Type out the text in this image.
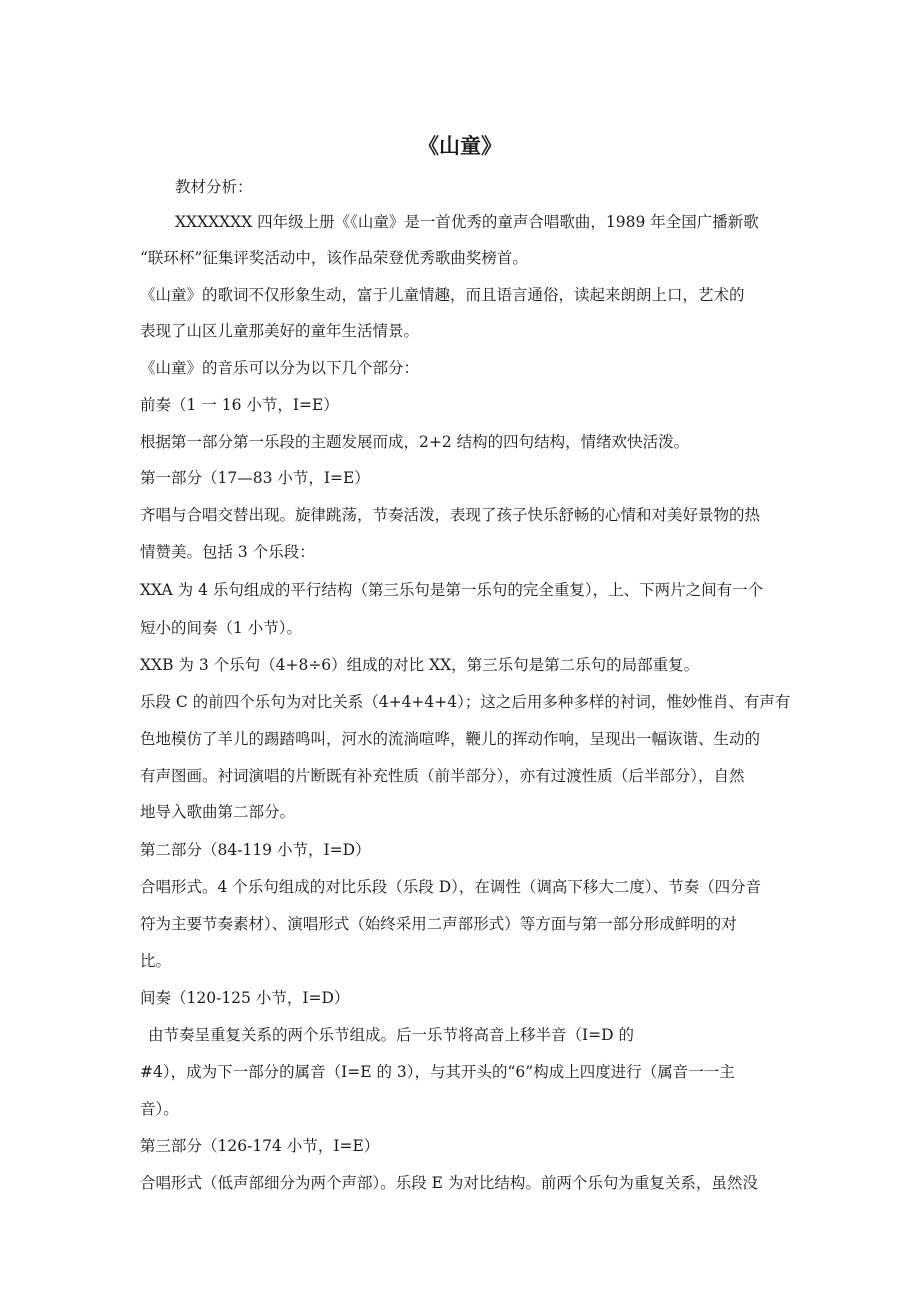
《山童》
教材分析：
XXXXXXX 四年级上册《《山童》是一首优秀的童声合唱歌曲，1989 年全国广播新歌
“联环杯”征集评奖活动中，该作品荣登优秀歌曲奖榜首。
《山童》的歌词不仅形象生动，富于儿童情趣，而且语言通俗，读起来朗朗上口，艺术的
表现了山区儿童那美好的童年生活情景。
《山童》的音乐可以分为以下几个部分：
前奏（1 一 16 小节，I=E）
根据第一部分第一乐段的主题发展而成，2+2 结构的四句结构，情绪欢快活泼。
第一部分（17—83 小节，I=E）
齐唱与合唱交替出现。旋律跳荡，节奏活泼，表现了孩子快乐舒畅的心情和对美好景物的热
情赞美。包括 3 个乐段：
XXA 为 4 乐句组成的平行结构（第三乐句是第一乐句的完全重复），上、下两片之间有一个
短小的间奏（1 小节）。
XXB 为 3 个乐句（4+8÷6）组成的对比 XX，第三乐句是第二乐句的局部重复。
乐段 C 的前四个乐句为对比关系（4+4+4+4）；这之后用多种多样的衬词，惟妙惟肖、有声有
色地模仿了羊儿的踢踏鸣叫，河水的流淌喧哗，鞭儿的挥动作响，呈现出一幅诙谐、生动的
有声图画。衬词演唱的片断既有补充性质（前半部分），亦有过渡性质（后半部分），自然
地导入歌曲第二部分。
第二部分（84-119 小节，I=D）
合唱形式。4 个乐句组成的对比乐段（乐段 D），在调性（调高下移大二度）、节奏（四分音
符为主要节奏素材）、演唱形式（始终采用二声部形式）等方面与第一部分形成鲜明的对
比。
间奏（120-125 小节，I=D）
由节奏呈重复关系的两个乐节组成。后一乐节将高音上移半音（I=D 的
#4），成为下一部分的属音（I=E 的 3），与其开头的“6”构成上四度进行（属音一一主
音）。
第三部分（126-174 小节，I=E）
合唱形式（低声部细分为两个声部）。乐段 E 为对比结构。前两个乐句为重复关系，虽然没
